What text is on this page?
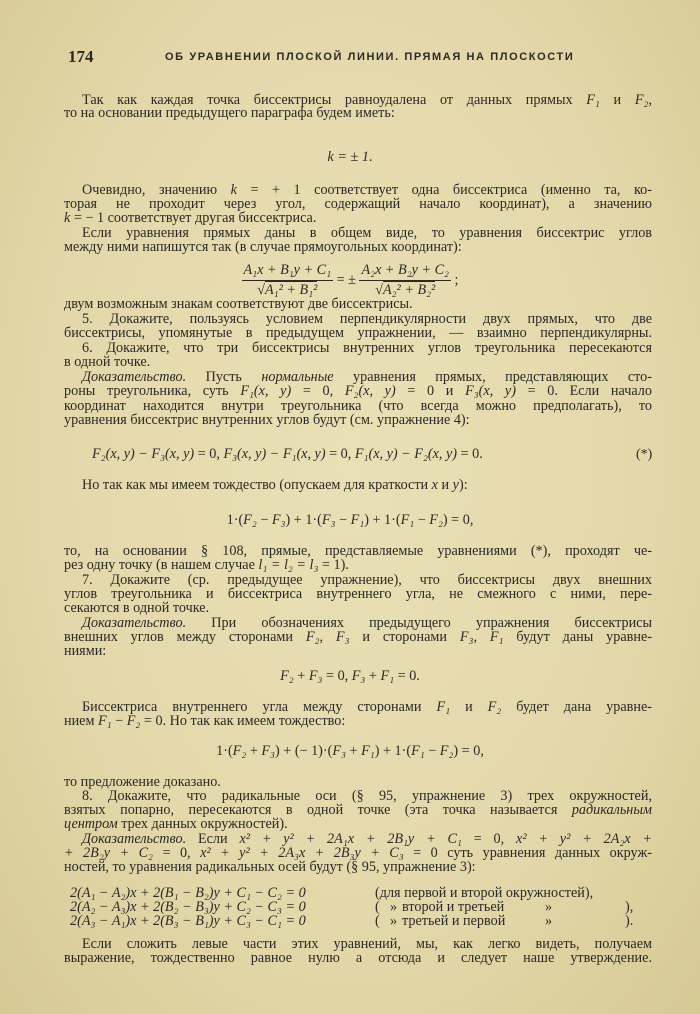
174	ОБ УРАВНЕНИИ ПЛОСКОЙ ЛИНИИ. ПРЯМАЯ НА ПЛОСКОСТИ
Так как каждая точка биссектрисы равноудалена от данных прямых F₁ и F₂,
то на основании предыдущего параграфа будем иметь:
k = ± 1.
Очевидно, значению k = + 1 соответствует одна биссектриса (именно та, ко-
торая не проходит через угол, содержащий начало координат), а значению
k = − 1 соответствует другая биссектриса.
Если уравнения прямых даны в общем виде, то уравнения биссектрис углов
между ними напишутся так (в случае прямоугольных координат):
двум возможным знакам соответствуют две биссектрисы.
5. Докажите, пользуясь условием перпендикулярности двух прямых, что две
биссектрисы, упомянутые в предыдущем упражнении, — взаимно перпендикулярны.
6. Докажите, что три биссектрисы внутренних углов треугольника пересекаются
в одной точке.
Доказательство. Пусть нормальные уравнения прямых, представляющих сто-
роны треугольника, суть F₁(x, y) = 0, F₂(x, y) = 0 и F₃(x, y) = 0. Если начало
координат находится внутри треугольника (что всегда можно предполагать), то
уравнения биссектрис внутренних углов будут (см. упражнение 4):
F₂(x, y) − F₃(x, y) = 0, F₃(x, y) − F₁(x, y) = 0, F₁(x, y) − F₂(x, y) = 0.
Но так как мы имеем тождество (опускаем для краткости x и y):
1·(F₂ − F₃) + 1·(F₃ − F₁) + 1·(F₁ − F₂) = 0,
то, на основании § 108, прямые, представляемые уравнениями (*), проходят че-
рез одну точку (в нашем случае l₁ = l₂ = l₃ = 1).
7. Докажите (ср. предыдущее упражнение), что биссектрисы двух внешних
углов треугольника и биссектриса внутреннего угла, не смежного с ними, пере-
секаются в одной точке.
Доказательство. При обозначениях предыдущего упражнения биссектрисы
внешних углов между сторонами F₂, F₃ и сторонами F₃, F₁ будут даны уравне-
ниями:
F₂ + F₃ = 0, F₃ + F₁ = 0.
Биссектриса внутреннего угла между сторонами F₁ и F₂ будет дана уравне-
нием F₁ − F₂ = 0. Но так как имеем тождество:
1·(F₂ + F₃) + (− 1)·(F₃ + F₁) + 1·(F₁ − F₂) = 0,
то предложение доказано.
8. Докажите, что радикальные оси (§ 95, упражнение 3) трех окружностей,
взятых попарно, пересекаются в одной точке (эта точка называется радикальным
центром трех данных окружностей).
Доказательство. Если x² + y² + 2A₁x + 2B₁y + C₁ = 0, x² + y² + 2A₂x +
+ 2B₂y + C₂ = 0, x² + y² + 2A₃x + 2B₃y + C₃ = 0 суть уравнения данных окруж-
ностей, то уравнения радикальных осей будут (§ 95, упражнение 3):
Если сложить левые части этих уравнений, мы, как легко видеть, получаем
выражение, тождественно равное нулю а отсюда и следует наше утверждение.
(*)
$\frac{\text{A₁x + B₁y + C₁}}{\text{√A₁² + B₁²}}$ = ± $\frac{\text{A₂x + B₂y + C₂}}{\text{√A₂² + B₂²}}$ ;
2(A₁ − A₂)x + 2(B₁ − B₂)y + C₁ − C₂ = 0	(для первой и второй окружностей),
2(A₂ − A₃)x + 2(B₂ − B₃)y + C₂ − C₃ = 0	( » второй и третьей	»	),
2(A₃ − A₁)x + 2(B₃ − B₁)y + C₃ − C₁ = 0	( » третьей и первой	»	).
